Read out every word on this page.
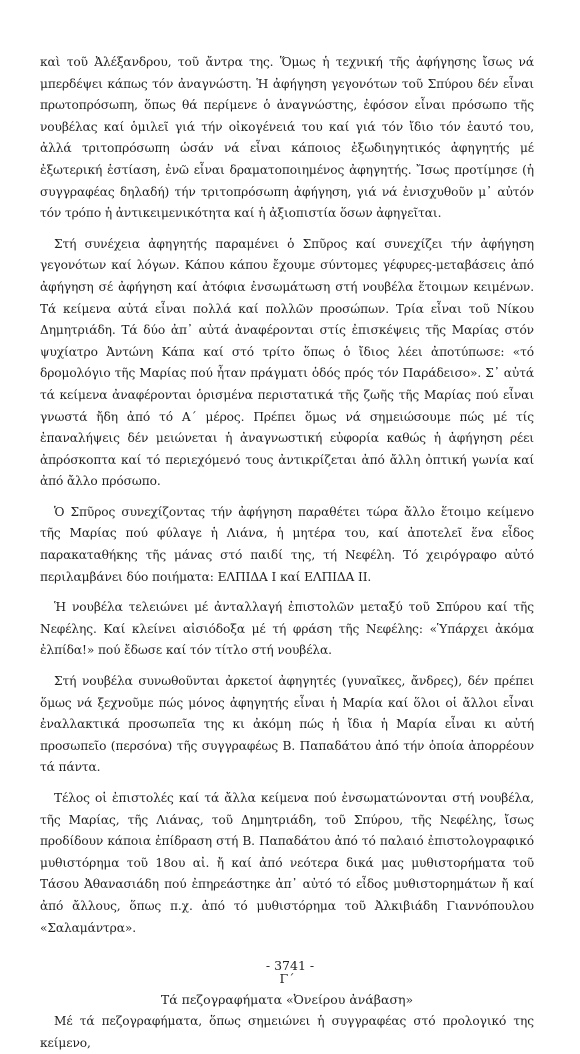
καὶ τοῦ Ἀλέξανδρου, τοῦ ἄντρα της. Ὅμως ἡ τεχνική τῆς ἀφήγησης ἴσως νά μπερδέψει κάπως τόν ἀναγνώστη. Ἡ ἀφήγηση γεγονότων τοῦ Σπύρου δέν εἶναι πρωτοπρόσωπη, ὅπως θά περίμενε ὁ ἀναγνώστης, ἐφόσον εἶναι πρόσωπο τῆς νουβέλας καί ὁμιλεῖ γιά τήν οἰκογένειά του καί γιά τόν ἴδιο τόν ἑαυτό του, ἀλλά τριτοπρόσωπη ὡσάν νά εἶναι κάποιος ἐξωδιηγητικός ἀφηγητής μέ ἐξωτερική ἑστίαση, ἐνῶ εἶναι δραματοποιημένος ἀφηγητής. Ἴσως προτίμησε (ἡ συγγραφέας δηλαδή) τήν τριτοπρόσωπη ἀφήγηση, γιά νά ἐνισχυθοῦν μ᾿ αὐτόν τόν τρόπο ἡ ἀντικειμενικότητα καί ἡ ἀξιοπιστία ὅσων ἀφηγεῖται.

Στή συνέχεια ἀφηγητής παραμένει ὁ Σπῦρος καί συνεχίζει τήν ἀφήγηση γεγονότων καί λόγων. Κάπου κάπου ἔχουμε σύντομες γέφυρες-μεταβάσεις ἀπό ἀφήγηση σέ ἀφήγηση καί ἀτόφια ἐνσωμάτωση στή νουβέλα ἕτοιμων κειμένων. Τά κείμενα αὐτά εἶναι πολλά καί πολλῶν προσώπων. Τρία εἶναι τοῦ Νίκου Δημητριάδη. Τά δύο ἀπ᾿ αὐτά ἀναφέρονται στίς ἐπισκέψεις τῆς Μαρίας στόν ψυχίατρο Ἀντώνη Κάπα καί στό τρίτο ὅπως ὁ ἴδιος λέει ἀποτύπωσε: «τό δρομολόγιο τῆς Μαρίας πού ἦταν πράγματι ὁδός πρός τόν Παράδεισο». Σ᾿ αὐτά τά κείμενα ἀναφέρονται ὁρισμένα περιστατικά τῆς ζωῆς τῆς Μαρίας πού εἶναι γνωστά ἤδη ἀπό τό Α´ μέρος. Πρέπει ὅμως νά σημειώσουμε πώς μέ τίς ἐπαναλήψεις δέν μειώνεται ἡ ἀναγνωστική εὐφορία καθώς ἡ ἀφήγηση ρέει ἀπρόσκοπτα καί τό περιεχόμενό τους ἀντικρίζεται ἀπό ἄλλη ὀπτική γωνία καί ἀπό ἄλλο πρόσωπο.

Ὁ Σπῦρος συνεχίζοντας τήν ἀφήγηση παραθέτει τώρα ἄλλο ἕτοιμο κείμενο τῆς Μαρίας πού φύλαγε ἡ Λιάνα, ἡ μητέρα του, καί ἀποτελεῖ ἕνα εἶδος παρακαταθήκης τῆς μάνας στό παιδί της, τή Νεφέλη. Τό χειρόγραφο αὐτό περιλαμβάνει δύο ποιήματα: ΕΛΠΙΔΑ Ι καί ΕΛΠΙΔΑ ΙΙ.

Ἡ νουβέλα τελειώνει μέ ἀνταλλαγή ἐπιστολῶν μεταξύ τοῦ Σπύρου καί τῆς Νεφέλης. Καί κλείνει αἰσιόδοξα μέ τή φράση τῆς Νεφέλης: «Ὑπάρχει ἀκόμα ἐλπίδα!» πού ἔδωσε καί τόν τίτλο στή νουβέλα.

Στή νουβέλα συνωθοῦνται ἀρκετοί ἀφηγητές (γυναῖκες, ἄνδρες), δέν πρέπει ὅμως νά ξεχνοῦμε πώς μόνος ἀφηγητής εἶναι ἡ Μαρία καί ὅλοι οἱ ἄλλοι εἶναι ἐναλλακτικά προσωπεῖα της κι ἀκόμη πώς ἡ ἴδια ἡ Μαρία εἶναι κι αὐτή προσωπεῖο (περσόνα) τῆς συγγραφέως Β. Παπαδάτου ἀπό τήν ὁποία ἀπορρέουν τά πάντα.

Τέλος οἱ ἐπιστολές καί τά ἄλλα κείμενα πού ἐνσωματώνονται στή νουβέλα, τῆς Μαρίας, τῆς Λιάνας, τοῦ Δημητριάδη, τοῦ Σπύρου, τῆς Νεφέλης, ἴσως προδίδουν κάποια ἐπίδραση στή Β. Παπαδάτου ἀπό τό παλαιό ἐπιστολογραφικό μυθιστόρημα τοῦ 18ου αἰ. ἤ καί ἀπό νεότερα δικά μας μυθιστορήματα τοῦ Τάσου Ἀθανασιάδη πού ἐπηρεάστηκε ἀπ᾿ αὐτό τό εἶδος μυθιστορημάτων ἤ καί ἀπό ἄλλους, ὅπως π.χ. ἀπό τό μυθιστόρημα τοῦ Ἀλκιβιάδη Γιαννόπουλου «Σαλαμάντρα».

Γ´
Τά πεζογραφήματα «Ὀνείρου ἀνάβαση»

Μέ τά πεζογραφήματα, ὅπως σημειώνει ἡ συγγραφέας στό προλογικό της κείμενο,

- 3741 -
